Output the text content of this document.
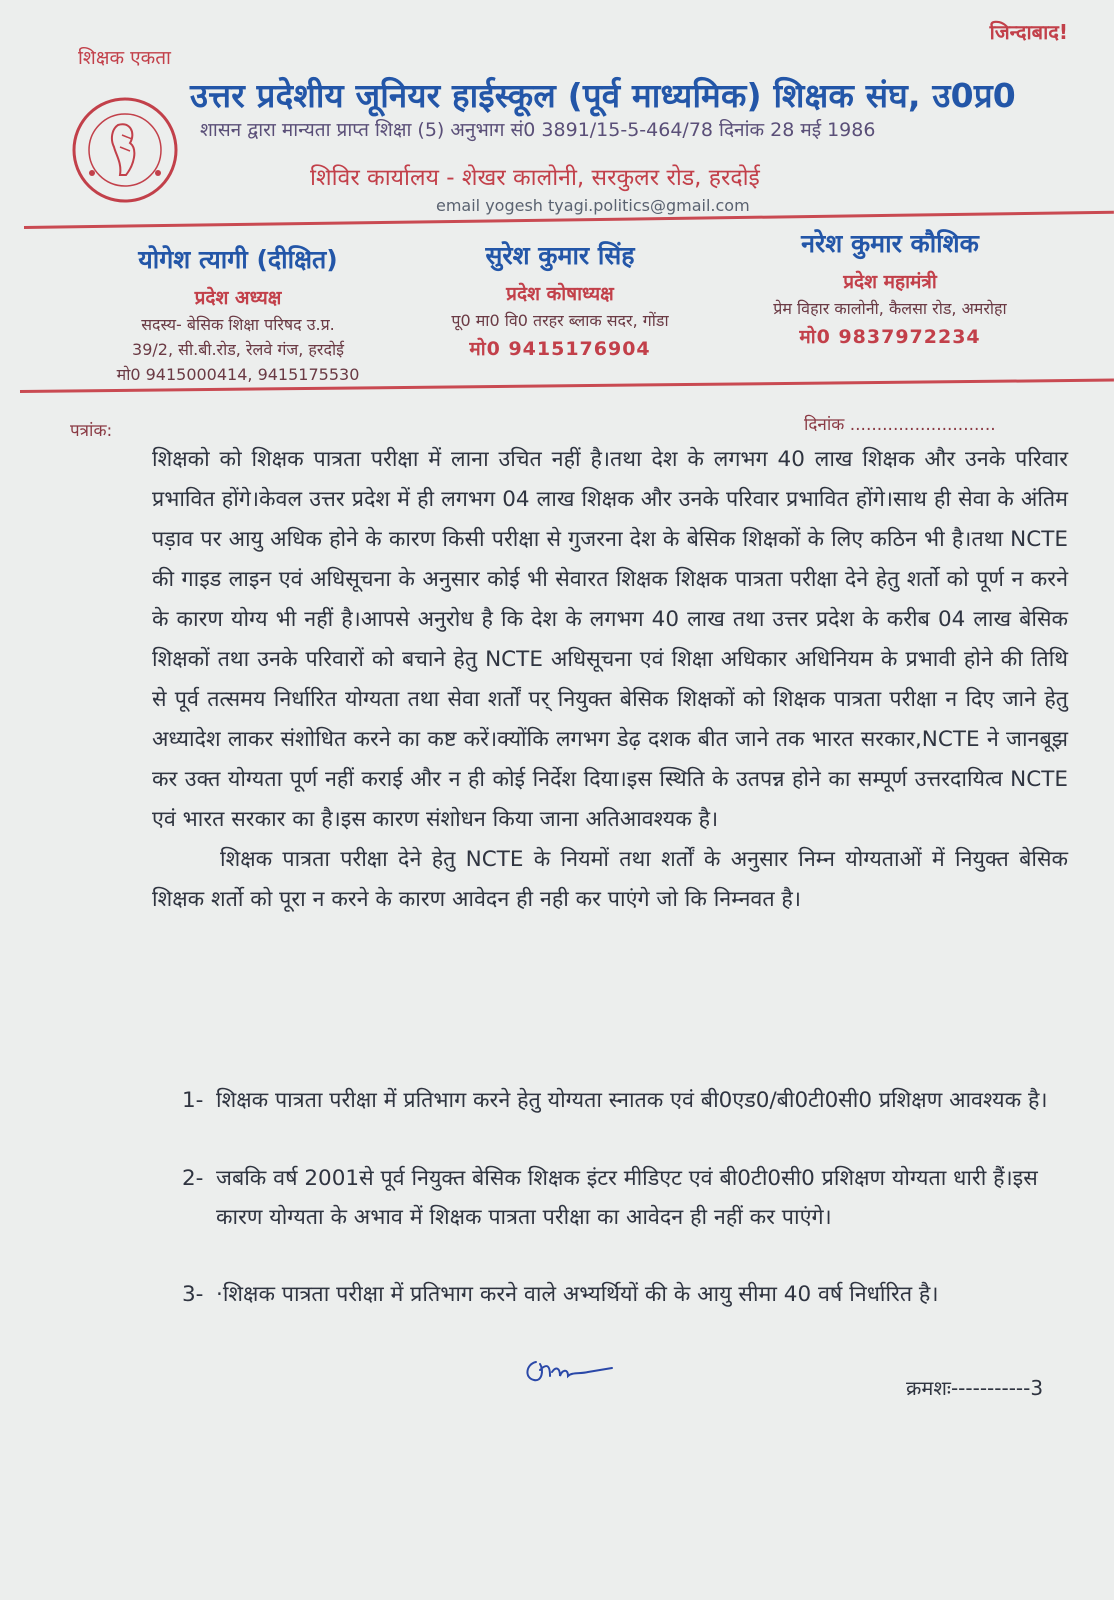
शिक्षक एकता
जिन्दाबाद!
उत्तर प्रदेशीय जूनियर हाईस्कूल (पूर्व माध्यमिक) शिक्षक संघ, उ0प्र0
शासन द्वारा मान्यता प्राप्त शिक्षा (5) अनुभाग सं0 3891/15-5-464/78 दिनांक 28 मई 1986
शिविर कार्यालय - शेखर कालोनी, सरकुलर रोड, हरदोई
email yogesh tyagi.politics@gmail.com
योगेश त्यागी (दीक्षित)
प्रदेश अध्यक्ष
सदस्य- बेसिक शिक्षा परिषद उ.प्र.
39/2, सी.बी.रोड, रेलवे गंज, हरदोई
मो0 9415000414, 9415175530
सुरेश कुमार सिंह
प्रदेश कोषाध्यक्ष
पू0 मा0 वि0 तरहर ब्लाक सदर, गोंडा
मो0 9415176904
नरेश कुमार कौशिक
प्रदेश महामंत्री
प्रेम विहार कालोनी, कैलसा रोड, अमरोहा
मो0 9837972234
पत्रांक:	दिनांक ...........................

शिक्षको को शिक्षक पात्रता परीक्षा में लाना उचित नहीं है।तथा देश के लगभग 40 लाख शिक्षक और उनके परिवार प्रभावित होंगे।केवल उत्तर प्रदेश में ही लगभग 04 लाख शिक्षक और उनके परिवार प्रभावित होंगे।साथ ही सेवा के अंतिम पड़ाव पर आयु अधिक होने के कारण किसी परीक्षा से गुजरना देश के बेसिक शिक्षकों के लिए कठिन भी है।तथा NCTE की गाइड लाइन एवं अधिसूचना के अनुसार कोई भी सेवारत शिक्षक शिक्षक पात्रता परीक्षा देने हेतु शर्तो को पूर्ण न करने के कारण योग्य भी नहीं है।आपसे अनुरोध है कि देश के लगभग 40 लाख तथा उत्तर प्रदेश के करीब 04 लाख बेसिक शिक्षकों तथा उनके परिवारों को बचाने हेतु NCTE अधिसूचना एवं शिक्षा अधिकार अधिनियम के प्रभावी होने की तिथि से पूर्व तत्समय निर्धारित योग्यता तथा सेवा शर्तों पर् नियुक्त बेसिक शिक्षकों को शिक्षक पात्रता परीक्षा न दिए जाने हेतु अध्यादेश लाकर संशोधित करने का कष्ट करें।क्योंकि लगभग डेढ़ दशक बीत जाने तक भारत सरकार,NCTE ने जानबूझ कर उक्त योग्यता पूर्ण नहीं कराई और न ही कोई निर्देश दिया।इस स्थिति के उतपन्न होने का सम्पूर्ण उत्तरदायित्व NCTE एवं भारत सरकार का है।इस कारण संशोधन किया जाना अतिआवश्यक है।

शिक्षक पात्रता परीक्षा देने हेतु NCTE के नियमों तथा शर्तों के अनुसार निम्न योग्यताओं में नियुक्त बेसिक शिक्षक शर्तो को पूरा न करने के कारण आवेदन ही नही कर पाएंगे जो कि निम्नवत है।

1- शिक्षक पात्रता परीक्षा में प्रतिभाग करने हेतु योग्यता स्नातक एवं बी0एड0/बी0टी0सी0 प्रशिक्षण आवश्यक है।
2- जबकि वर्ष 2001से पूर्व नियुक्त बेसिक शिक्षक इंटर मीडिएट एवं बी0टी0सी0 प्रशिक्षण योग्यता धारी हैं।इस कारण योग्यता के अभाव में शिक्षक पात्रता परीक्षा का आवेदन ही नहीं कर पाएंगे।
3- ·शिक्षक पात्रता परीक्षा में प्रतिभाग करने वाले अभ्यर्थियों की के आयु सीमा 40 वर्ष निर्धारित है।
क्रमशः-----------3
